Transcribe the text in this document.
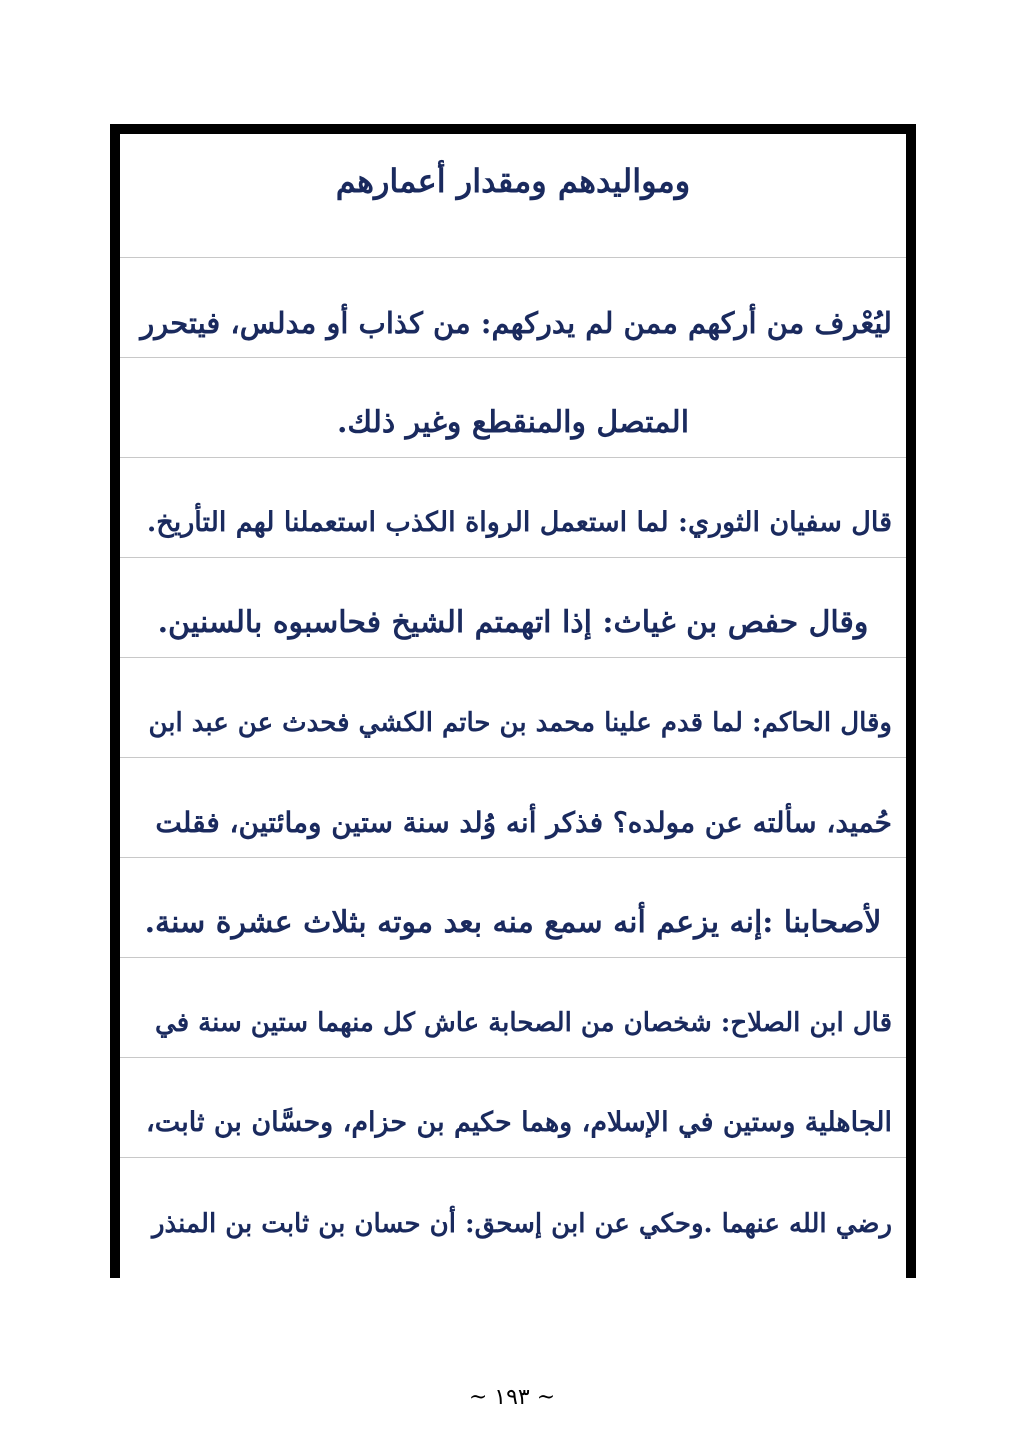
ومواليدهم ومقدار أعمارهم
ليُعْرف من أركهم ممن لم يدركهم: من كذاب أو مدلس، فيتحرر
المتصل والمنقطع وغير ذلك.
قال سفيان الثوري: لما استعمل الرواة الكذب استعملنا لهم التأريخ.
وقال حفص بن غياث: إذا اتهمتم الشيخ فحاسبوه بالسنين.
وقال الحاكم: لما قدم علينا محمد بن حاتم الكشي فحدث عن عبد ابن
حُميد، سألته عن مولده؟ فذكر أنه وُلد سنة ستين ومائتين، فقلت
لأصحابنا :إنه يزعم أنه سمع منه بعد موته بثلاث عشرة سنة.
قال ابن الصلاح: شخصان من الصحابة عاش كل منهما ستين سنة في
الجاهلية وستين في الإسلام، وهما حكيم بن حزام، وحسَّان بن ثابت،
رضي الله عنهما .وحكي عن ابن إسحق: أن حسان بن ثابت بن المنذر
~ ١٩٣ ~
